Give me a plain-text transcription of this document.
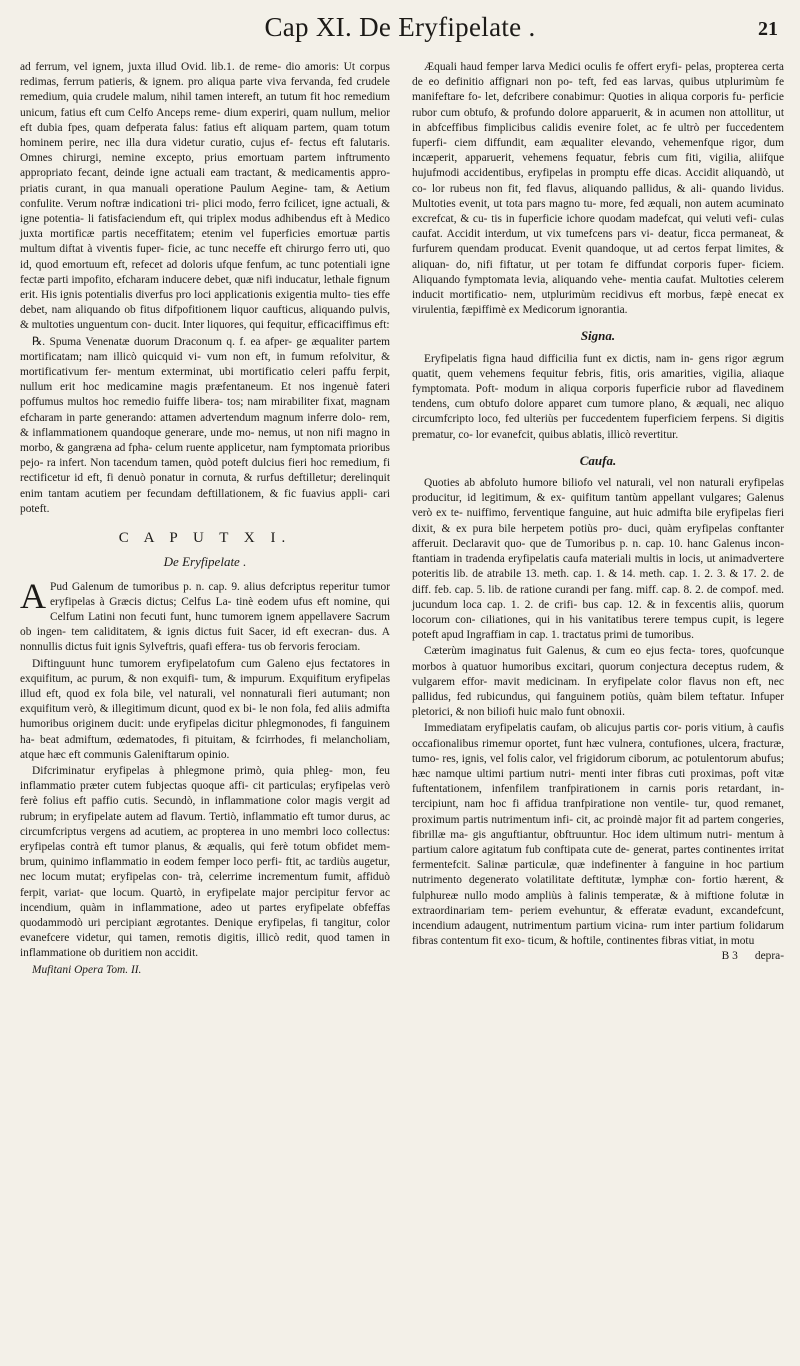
Cap XI. De Eryfipelate .	21

ad ferrum, vel ignem, juxta illud Ovid. lib.1. de reme- dio amoris: Ut corpus redimas, ferrum patieris, & ignem. pro aliqua parte viva fervanda, fed crudele remedium, quia crudele malum, nihil tamen intereft, an tutum fit hoc remedium unicum, fatius eft cum Celfo Anceps reme- dium experiri, quam nullum, melior eft dubia fpes, quam defperata falus: fatius eft aliquam partem, quam totum hominem perire, nec illa dura videtur curatio, cujus ef- fectus eft falutaris. Omnes chirurgi, nemine excepto, prius emortuam partem inftrumento appropriato fecant, deinde igne actuali eam tractant, & medicamentis appro- priatis curant, in qua manuali operatione Paulum Aegine- tam, & Aetium confulite. Verum noftræ indicationi tri- plici modo, ferro fcilicet, igne actuali, & igne potentia- li fatisfaciendum eft, qui triplex modus adhibendus eft à Medico juxta mortificæ partis neceffitatem; etenim vel fuperficies emortuæ partis multum diftat à viventis fuper- ficie, ac tunc neceffe eft chirurgo ferro uti, quo id, quod emortuum eft, refecet ad doloris ufque fenfum, ac tunc potentiali igne fectæ parti impofito, efcharam inducere debet, quæ nifi inducatur, lethale fignum erit. His ignis potentialis diverfus pro loci applicationis exigentia multo- ties effe debet, nam aliquando ob fitus difpofitionem liquor caufticus, aliquando pulvis, & multoties unguentum con- ducit. Inter liquores, qui fequitur, efficaciffimus eft:

℞. Spuma Venenatæ duorum Draconum q. f. ea afper- ge æqualiter partem mortificatam; nam illicò quicquid vi- vum non eft, in fumum refolvitur, & mortificativum fer- mentum exterminat, ubi mortificatio celeri paffu ferpit, nullum erit hoc medicamine magis præfentaneum. Et nos ingenuè fateri poffumus multos hoc remedio fuiffe libera- tos; nam mirabiliter fixat, magnam efcharam in parte generando: attamen advertendum magnum inferre dolo- rem, & inflammationem quandoque generare, unde mo- nemus, ut non nifi magno in morbo, & gangræna ad fpha- celum ruente applicetur, nam fymptomata prioribus pejo- ra infert. Non tacendum tamen, quòd poteft dulcius fieri hoc remedium, fi rectificetur id eft, fi denuò ponatur in cornuta, & rurfus deftilletur; derelinquit enim tantam acutiem per fecundam deftillationem, & fic fuavius appli- cari poteft.

C A P U T X I.
De Eryfipelate .

A Pud Galenum de tumoribus p. n. cap. 9. alius defcriptus reperitur tumor eryfipelas à Græcis dictus; Celfus La- tinè eodem ufus eft nomine, qui Celfum Latini non fecuti funt, hunc tumorem ignem appellavere Sacrum ob ingen- tem caliditatem, & ignis dictus fuit Sacer, id eft execran- dus. A nonnullis dictus fuit ignis Sylveftris, quafi effera- tus ob fervoris ferociam.

Diftinguunt hunc tumorem eryfipelatofum cum Galeno ejus fectatores in exquifitum, ac purum, & non exquifi- tum, & impurum. Exquifitum eryfipelas illud eft, quod ex fola bile, vel naturali, vel nonnaturali fieri autumant; non exquifitum verò, & illegitimum dicunt, quod ex bi- le non fola, fed aliis admifta humoribus originem ducit: unde eryfipelas dicitur phlegmonodes, fi fanguinem ha- beat admiftum, œdematodes, fi pituitam, & fcirrhodes, fi melancholiam, atque hæc eft communis Galeniftarum opinio.

Difcriminatur eryfipelas à phlegmone primò, quia phleg- mon, feu inflammatio præter cutem fubjectas quoque affi- cit particulas; eryfipelas verò ferè folius eft paffio cutis. Secundò, in inflammatione color magis vergit ad rubrum; in eryfipelate autem ad flavum. Tertiò, inflammatio eft tumor durus, ac circumfcriptus vergens ad acutiem, ac propterea in uno membri loco collectus: eryfipelas contrà eft tumor planus, & æqualis, qui ferè totum obfidet mem- brum, quinimo inflammatio in eodem femper loco perfi- ftit, ac tardiùs augetur, nec locum mutat; eryfipelas con- trà, celerrime incrementum fumit, affiduò ferpit, variat- que locum. Quartò, in eryfipelate major percipitur fervor ac incendium, quàm in inflammatione, adeo ut partes eryfipelate obfeffas quodammodò uri percipiant ægrotantes. Denique eryfipelas, fi tangitur, color evanefcere videtur, qui tamen, remotis digitis, illicò redit, quod tamen in inflammatione ob duritiem non accidit.

Mufitani Opera Tom. II.

Æquali haud femper larva Medici oculis fe offert eryfi- pelas, propterea certa de eo definitio affignari non po- teft, fed eas larvas, quibus utplurimùm fe manifeftare fo- let, defcribere conabimur: Quoties in aliqua corporis fu- perficie rubor cum obtufo, & profundo dolore apparuerit, & in acumen non attollitur, ut in abfceffibus fimplicibus calidis evenire folet, ac fe ultrò per fuccedentem fuperfi- ciem diffundit, eam æqualiter elevando, vehemenfque rigor, dum incæperit, apparuerit, vehemens fequatur, febris cum fiti, vigilia, aliifque hujufmodi accidentibus, eryfipelas in promptu effe dicas. Accidit aliquandò, ut co- lor rubeus non fit, fed flavus, aliquando pallidus, & ali- quando lividus. Multoties evenit, ut tota pars magno tu- more, fed æquali, non autem acuminato excrefcat, & cu- tis in fuperficie ichore quodam madefcat, qui veluti vefi- culas caufat. Accidit interdum, ut vix tumefcens pars vi- deatur, ficca permaneat, & furfurem quendam producat. Evenit quandoque, ut ad certos ferpat limites, & aliquan- do, nifi fiftatur, ut per totam fe diffundat corporis fuper- ficiem. Aliquando fymptomata levia, aliquando vehe- mentia caufat. Multoties celerem inducit mortificatio- nem, utplurimùm recidivus eft morbus, fæpè enecat ex virulentia, fæpiffimè ex Medicorum ignorantia.

Signa.

Eryfipelatis figna haud difficilia funt ex dictis, nam in- gens rigor ægrum quatit, quem vehemens fequitur febris, fitis, oris amarities, vigilia, aliaque fymptomata. Poft- modum in aliqua corporis fuperficie rubor ad flavedinem tendens, cum obtufo dolore apparet cum tumore plano, & æquali, nec aliquo circumfcripto loco, fed ulteriùs per fuccedentem fuperficiem ferpens. Si digitis prematur, co- lor evanefcit, quibus ablatis, illicò revertitur.

Caufa.

Quoties ab abfoluto humore biliofo vel naturali, vel non naturali eryfipelas producitur, id legitimum, & ex- quifitum tantùm appellant vulgares; Galenus verò ex te- nuiffimo, ferventique fanguine, aut huic admifta bile eryfipelas fieri dixit, & ex pura bile herpetem potiùs pro- duci, quàm eryfipelas conftanter afferuit. Declaravit quo- que de Tumoribus p. n. cap. 10. hanc Galenus incon- ftantiam in tradenda eryfipelatis caufa materiali multis in locis, ut animadvertere poteritis lib. de atrabile 13. meth. cap. 1. & 14. meth. cap. 1. 2. 3. & 17. 2. de diff. feb. cap. 5. lib. de ratione curandi per fang. miff. cap. 8. 2. de compof. med. jucundum loca cap. 1. 2. de crifi- bus cap. 12. & in fexcentis aliis, quorum locorum con- ciliationes, qui in his vanitatibus terere tempus cupit, is legere poteft apud Ingraffiam in cap. 1. tractatus primi de tumoribus.

Cæterùm imaginatus fuit Galenus, & cum eo ejus fecta- tores, quofcunque morbos à quatuor humoribus excitari, quorum conjectura deceptus rudem, & vulgarem effor- mavit medicinam. In eryfipelate color flavus non eft, nec pallidus, fed rubicundus, qui fanguinem potiùs, quàm bilem teftatur. Infuper pletorici, & non biliofi huic malo funt obnoxii.

Immediatam eryfipelatis caufam, ob alicujus partis cor- poris vitium, à caufis occafionalibus rimemur oportet, funt hæc vulnera, contufiones, ulcera, fracturæ, tumo- res, ignis, vel folis calor, vel frigidorum ciborum, ac potulentorum abufus; hæc namque ultimi partium nutri- menti inter fibras cuti proximas, poft vitæ fuftentationem, infenfilem tranfpirationem in carnis poris retardant, in- tercipiunt, nam hoc fi affidua tranfpiratione non ventile- tur, quod remanet, proximum partis nutrimentum infi- cit, ac proindè major fit ad partem congeries, fibrillæ ma- gis anguftiantur, obftruuntur. Hoc idem ultimum nutri- mentum à partium calore agitatum fub conftipata cute de- generat, partes continentes irritat fermentefcit. Salinæ particulæ, quæ indefinenter à fanguine in hoc partium nutrimento degenerato volatilitate deftitutæ, lymphæ con- fortio hærent, & fulphureæ nullo modo ampliùs à falinis temperatæ, & à miftione folutæ in extraordinariam tem- periem evehuntur, & efferatæ evadunt, excandefcunt, incendium adaugent, nutrimentum partium vicina- rum inter partium folidarum fibras contentum fit exo- ticum, & hoftile, continentes fibras vitiat, in motu

B 3 depra-
